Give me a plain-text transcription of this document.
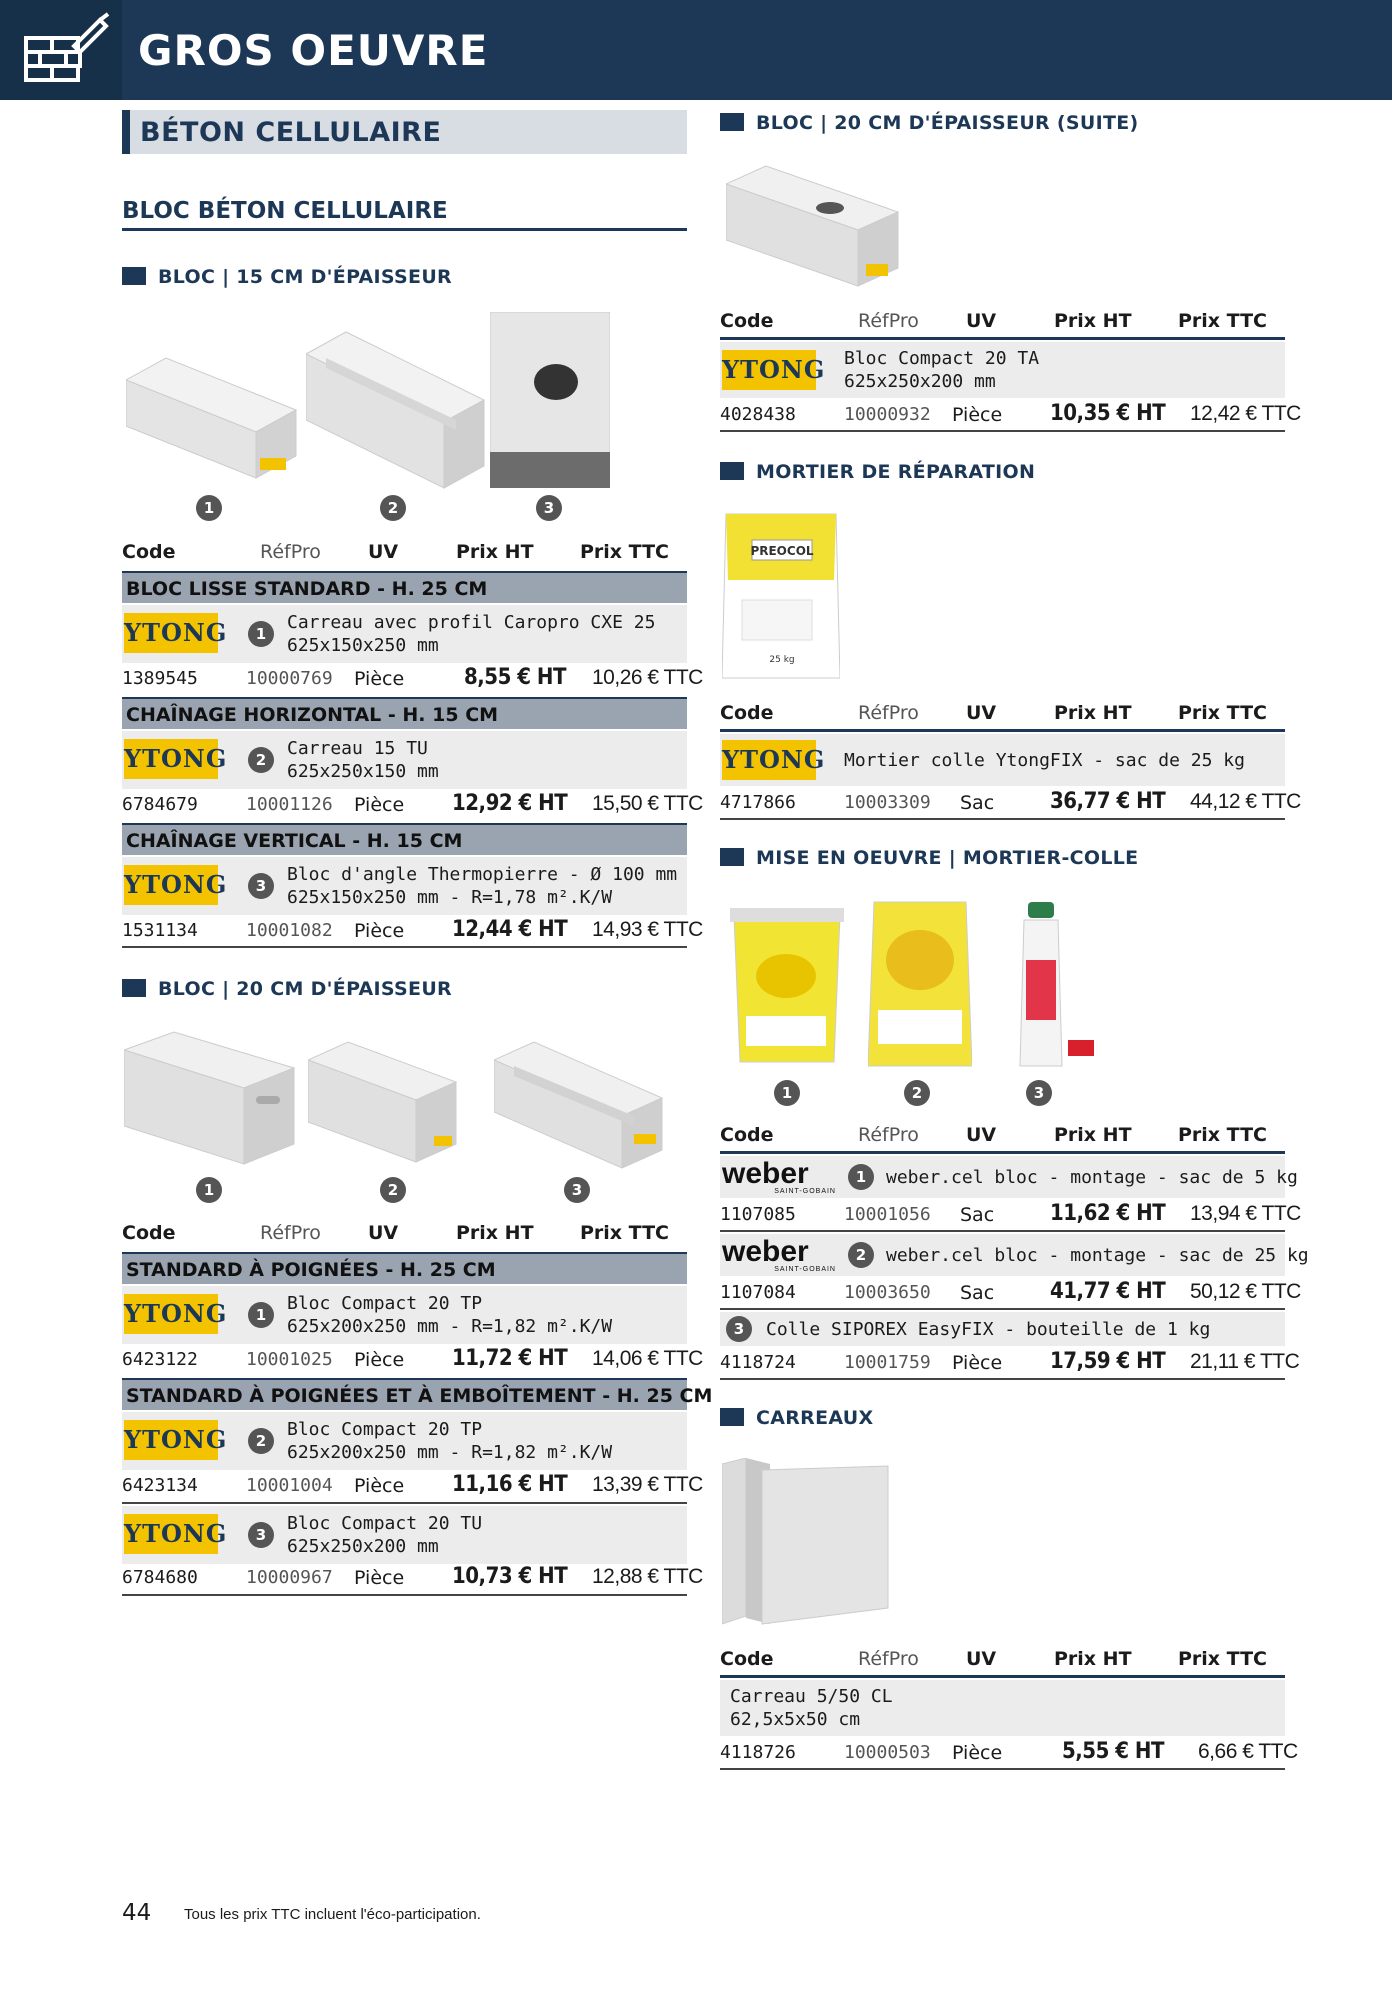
GROS OEUVRE
BÉTON CELLULAIRE
BLOC BÉTON CELLULAIRE
BLOC | 15 CM D'ÉPAISSEUR
1	2	3
Code	RéfPro UV	Prix HT Prix TTC
BLOC LISSE STANDARD - H. 25 CM
YTONG	1
Carreau avec profil Caropro CXE 25
625x150x250 mm
1389545	10000769 Pièce	8,55 € HT 10,26 € TTC
CHAÎNAGE HORIZONTAL - H. 15 CM
YTONG	2
Carreau 15 TU
625x250x150 mm
6784679	10001126 Pièce 12,92 € HT 15,50 € TTC
CHAÎNAGE VERTICAL - H. 15 CM
YTONG	3
Bloc d'angle Thermopierre - Ø 100 mm
625x150x250 mm - R=1,78 m².K/W
1531134	10001082 Pièce 12,44 € HT 14,93 € TTC
BLOC | 20 CM D'ÉPAISSEUR
1	2	3
Code	RéfPro UV	Prix HT Prix TTC
STANDARD À POIGNÉES - H. 25 CM
YTONG	1
Bloc Compact 20 TP
625x200x250 mm - R=1,82 m².K/W
6423122	10001025 Pièce 11,72 € HT 14,06 € TTC
STANDARD À POIGNÉES ET À EMBOÎTEMENT - H. 25 CM
YTONG	2
Bloc Compact 20 TP
625x200x250 mm - R=1,82 m².K/W
6423134	10001004 Pièce 11,16 € HT 13,39 € TTC
YTONG	3
Bloc Compact 20 TU
625x250x200 mm
6784680	10000967 Pièce 10,73 € HT 12,88 € TTC
BLOC | 20 CM D'ÉPAISSEUR (SUITE)
Code	RéfPro UV	Prix HT Prix TTC
YTONG Bloc Compact 20 TA
625x250x200 mm
4028438	10000932 Pièce 10,35 € HT 12,42 € TTC
MORTIER DE RÉPARATION
PREOCOL
25 kg
Code	RéfPro UV	Prix HT Prix TTC
YTONG Mortier colle YtongFIX - sac de 25 kg
4717866	10003309 Sac	36,77 € HT 44,12 € TTC
MISE EN OEUVRE | MORTIER-COLLE
1	2	3
Code	RéfPro UV	Prix HT Prix TTC
weber
SAINT-GOBAIN
1	weber.cel bloc - montage - sac de 5 kg
1107085	10001056 Sac	11,62 € HT 13,94 € TTC
weber
SAINT-GOBAIN
2	weber.cel bloc - montage - sac de 25 kg
1107084	10003650 Sac	41,77 € HT 50,12 € TTC
3	Colle SIPOREX EasyFIX - bouteille de 1 kg
4118724	10001759 Pièce 17,59 € HT 21,11 € TTC
CARREAUX
Code	RéfPro UV	Prix HT Prix TTC
Carreau 5/50 CL
62,5x5x50 cm
4118726	10000503 Pièce	5,55 € HT 6,66 € TTC
44 Tous les prix TTC incluent l'éco-participation.
